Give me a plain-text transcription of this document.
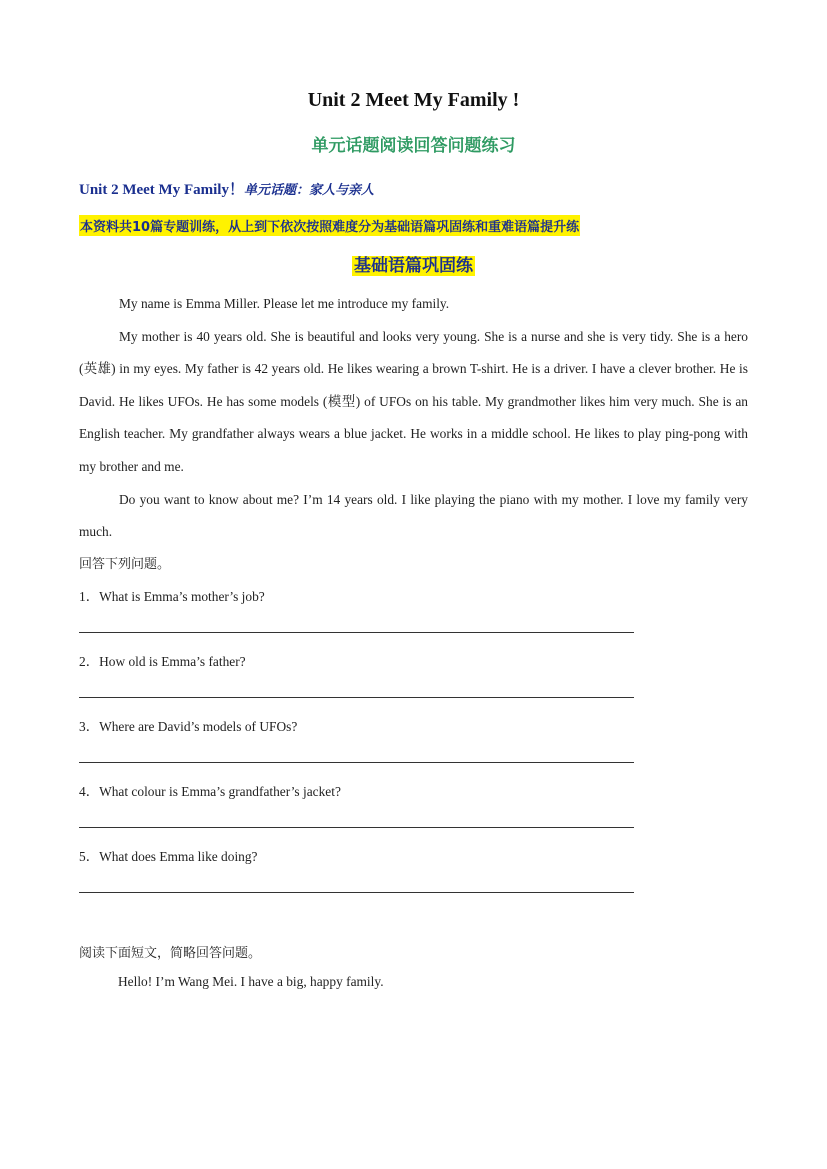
Unit 2 Meet My Family !
单元话题阅读回答问题练习
Unit 2 Meet My Family！单元话题：家人与亲人
本资料共10篇专题训练，从上到下依次按照难度分为基础语篇巩固练和重难语篇提升练
基础语篇巩固练

My name is Emma Miller. Please let me introduce my family.

My mother is 40 years old. She is beautiful and looks very young. She is a nurse and she is very tidy. She is a hero (英雄) in my eyes. My father is 42 years old. He likes wearing a brown T-shirt. He is a driver. I have a clever brother. He is David. He likes UFOs. He has some models (模型) of UFOs on his table. My grandmother likes him very much. She is an English teacher. My grandfather always wears a blue jacket. He works in a middle school. He likes to play ping-pong with my brother and me.

Do you want to know about me? I’m 14 years old. I like playing the piano with my mother. I love my family very much.

回答下列问题。
1．What is Emma’s mother’s job?
2．How old is Emma’s father?
3．Where are David’s models of UFOs?
4．What colour is Emma’s grandfather’s jacket?
5．What does Emma like doing?
阅读下面短文，简略回答问题。
Hello! I’m Wang Mei. I have a big, happy family.
